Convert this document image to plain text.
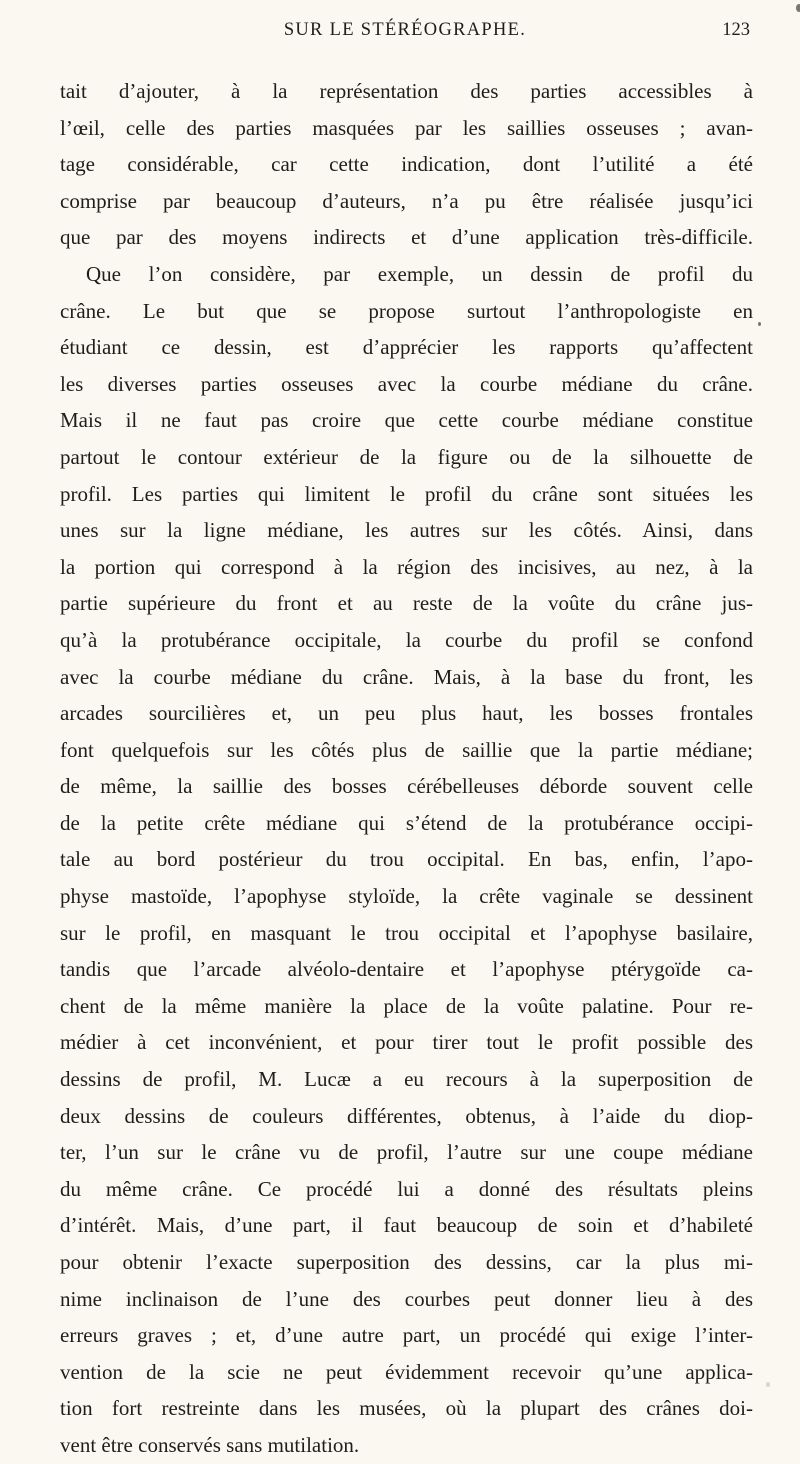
SUR LE STÉRÉOGRAPHE.	123
tait d’ajouter, à la représentation des parties accessibles à
l’œil, celle des parties masquées par les saillies osseuses ; avan-
tage considérable, car cette indication, dont l’utilité a été
comprise par beaucoup d’auteurs, n’a pu être réalisée jusqu’ici
que par des moyens indirects et d’une application très-difficile.
Que l’on considère, par exemple, un dessin de profil du
crâne. Le but que se propose surtout l’anthropologiste en
étudiant ce dessin, est d’apprécier les rapports qu’affectent
les diverses parties osseuses avec la courbe médiane du crâne.
Mais il ne faut pas croire que cette courbe médiane constitue
partout le contour extérieur de la figure ou de la silhouette de
profil. Les parties qui limitent le profil du crâne sont situées les
unes sur la ligne médiane, les autres sur les côtés. Ainsi, dans
la portion qui correspond à la région des incisives, au nez, à la
partie supérieure du front et au reste de la voûte du crâne jus-
qu’à la protubérance occipitale, la courbe du profil se confond
avec la courbe médiane du crâne. Mais, à la base du front, les
arcades sourcilières et, un peu plus haut, les bosses frontales
font quelquefois sur les côtés plus de saillie que la partie médiane;
de même, la saillie des bosses cérébelleuses déborde souvent celle
de la petite crête médiane qui s’étend de la protubérance occipi-
tale au bord postérieur du trou occipital. En bas, enfin, l’apo-
physe mastoïde, l’apophyse styloïde, la crête vaginale se dessinent
sur le profil, en masquant le trou occipital et l’apophyse basilaire,
tandis que l’arcade alvéolo-dentaire et l’apophyse ptérygoïde ca-
chent de la même manière la place de la voûte palatine. Pour re-
médier à cet inconvénient, et pour tirer tout le profit possible des
dessins de profil, M. Lucæ a eu recours à la superposition de
deux dessins de couleurs différentes, obtenus, à l’aide du diop-
ter, l’un sur le crâne vu de profil, l’autre sur une coupe médiane
du même crâne. Ce procédé lui a donné des résultats pleins
d’intérêt. Mais, d’une part, il faut beaucoup de soin et d’habileté
pour obtenir l’exacte superposition des dessins, car la plus mi-
nime inclinaison de l’une des courbes peut donner lieu à des
erreurs graves ; et, d’une autre part, un procédé qui exige l’inter-
vention de la scie ne peut évidemment recevoir qu’une applica-
tion fort restreinte dans les musées, où la plupart des crânes doi-
vent être conservés sans mutilation.
